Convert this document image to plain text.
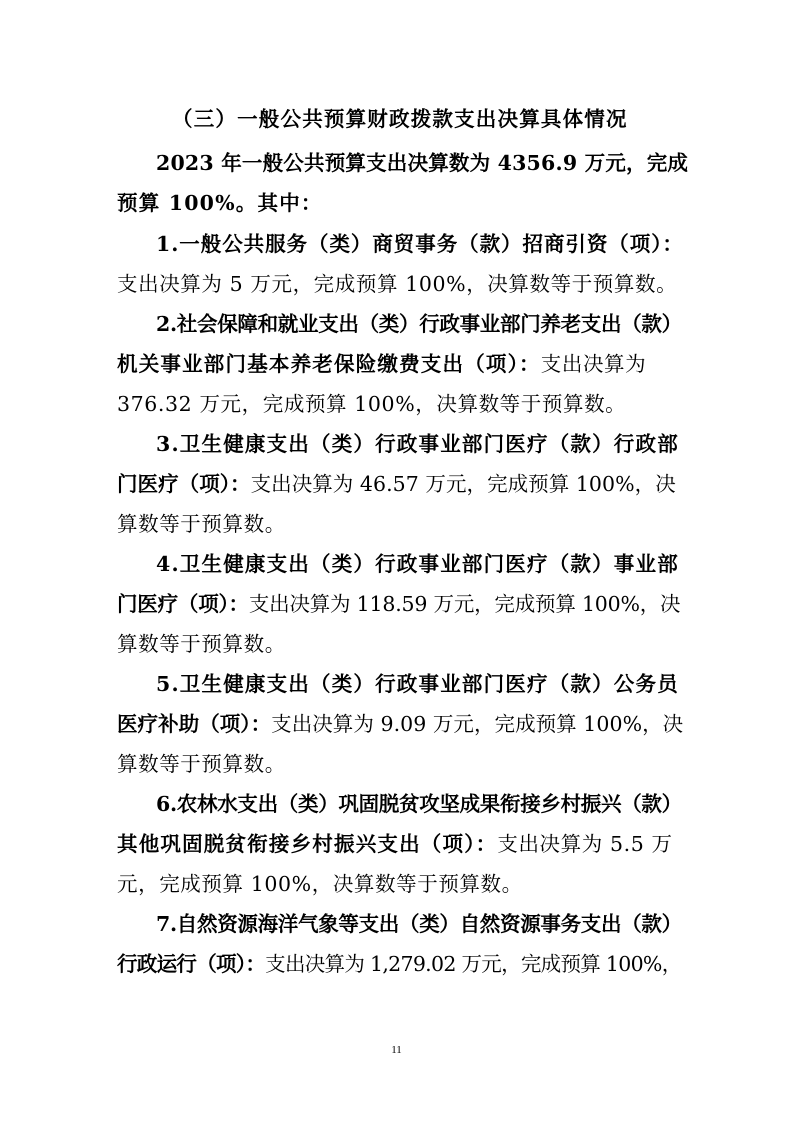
（三）一般公共预算财政拨款支出决算具体情况
2023 年一般公共预算支出决算数为 4356.9 万元，完成
预算 100%。其中：
1.一般公共服务（类）商贸事务（款）招商引资（项）：
支出决算为 5 万元，完成预算 100%，决算数等于预算数。
2.社会保障和就业支出（类）行政事业部门养老支出（款）
机关事业部门基本养老保险缴费支出（项）：支出决算为
376.32 万元，完成预算 100%，决算数等于预算数。
3.卫生健康支出（类）行政事业部门医疗（款）行政部
门医疗（项）：支出决算为 46.57 万元，完成预算 100%，决
算数等于预算数。
4.卫生健康支出（类）行政事业部门医疗（款）事业部
门医疗（项）：支出决算为 118.59 万元，完成预算 100%，决
算数等于预算数。
5.卫生健康支出（类）行政事业部门医疗（款）公务员
医疗补助（项）：支出决算为 9.09 万元，完成预算 100%，决
算数等于预算数。
6.农林水支出（类）巩固脱贫攻坚成果衔接乡村振兴（款）
其他巩固脱贫衔接乡村振兴支出（项）：支出决算为 5.5 万
元，完成预算 100%，决算数等于预算数。
7.自然资源海洋气象等支出（类）自然资源事务支出（款）
行政运行（项）：支出决算为 1,279.02 万元，完成预算 100%，
11
